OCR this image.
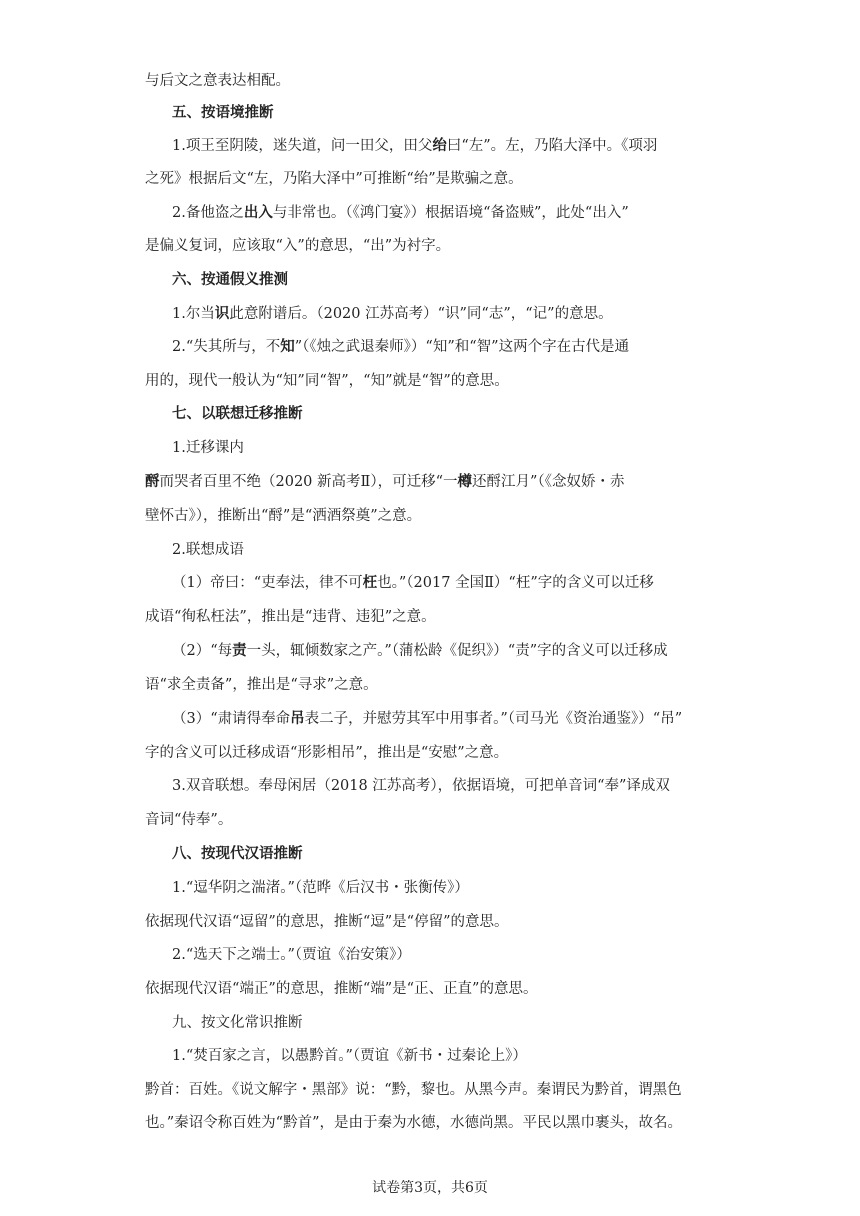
与后文之意表达相配。
五、按语境推断
1.项王至阴陵，迷失道，问一田父，田父绐曰“左”。左，乃陷大泽中。《项羽
之死》根据后文“左，乃陷大泽中”可推断“绐”是欺骗之意。
2.备他盗之出入与非常也。（《鸿门宴》）根据语境“备盗贼”，此处“出入”
是偏义复词，应该取“入”的意思，“出”为衬字。
六、按通假义推测
1.尔当识此意附谱后。（2020 江苏高考）“识”同“志”，“记”的意思。
2.“失其所与，不知”（《烛之武退秦师》）“知”和“智”这两个字在古代是通
用的，现代一般认为“知”同“智”，“知”就是“智”的意思。
七、以联想迁移推断
1.迁移课内
酹而哭者百里不绝（2020 新高考Ⅱ），可迁移“一樽还酹江月”（《念奴娇・赤
壁怀古》），推断出“酹”是“洒酒祭奠”之意。
2.联想成语
（1）帝曰：“吏奉法，律不可枉也。”（2017 全国Ⅱ）“枉”字的含义可以迁移
成语“徇私枉法”，推出是“违背、违犯”之意。
（2）“每责一头，辄倾数家之产。”（蒲松龄《促织》）“责”字的含义可以迁移成
语“求全责备”，推出是“寻求”之意。
（3）“肃请得奉命吊表二子，并慰劳其军中用事者。”（司马光《资治通鉴》）“吊”
字的含义可以迁移成语“形影相吊”，推出是“安慰”之意。
3.双音联想。奉母闲居（2018 江苏高考），依据语境，可把单音词“奉”译成双
音词“侍奉”。
八、按现代汉语推断
1.“逗华阴之湍渚。”（范晔《后汉书・张衡传》）
依据现代汉语“逗留”的意思，推断“逗”是“停留”的意思。
2.“选天下之端士。”（贾谊《治安策》）
依据现代汉语“端正”的意思，推断“端”是“正、正直”的意思。
九、按文化常识推断
1.“焚百家之言，以愚黔首。”（贾谊《新书・过秦论上》）
黔首：百姓。《说文解字・黑部》说：“黔，黎也。从黑今声。秦谓民为黔首，谓黑色
也。”秦诏令称百姓为“黔首”，是由于秦为水德，水德尚黑。平民以黑巾裹头，故名。
试卷第3页，共6页
